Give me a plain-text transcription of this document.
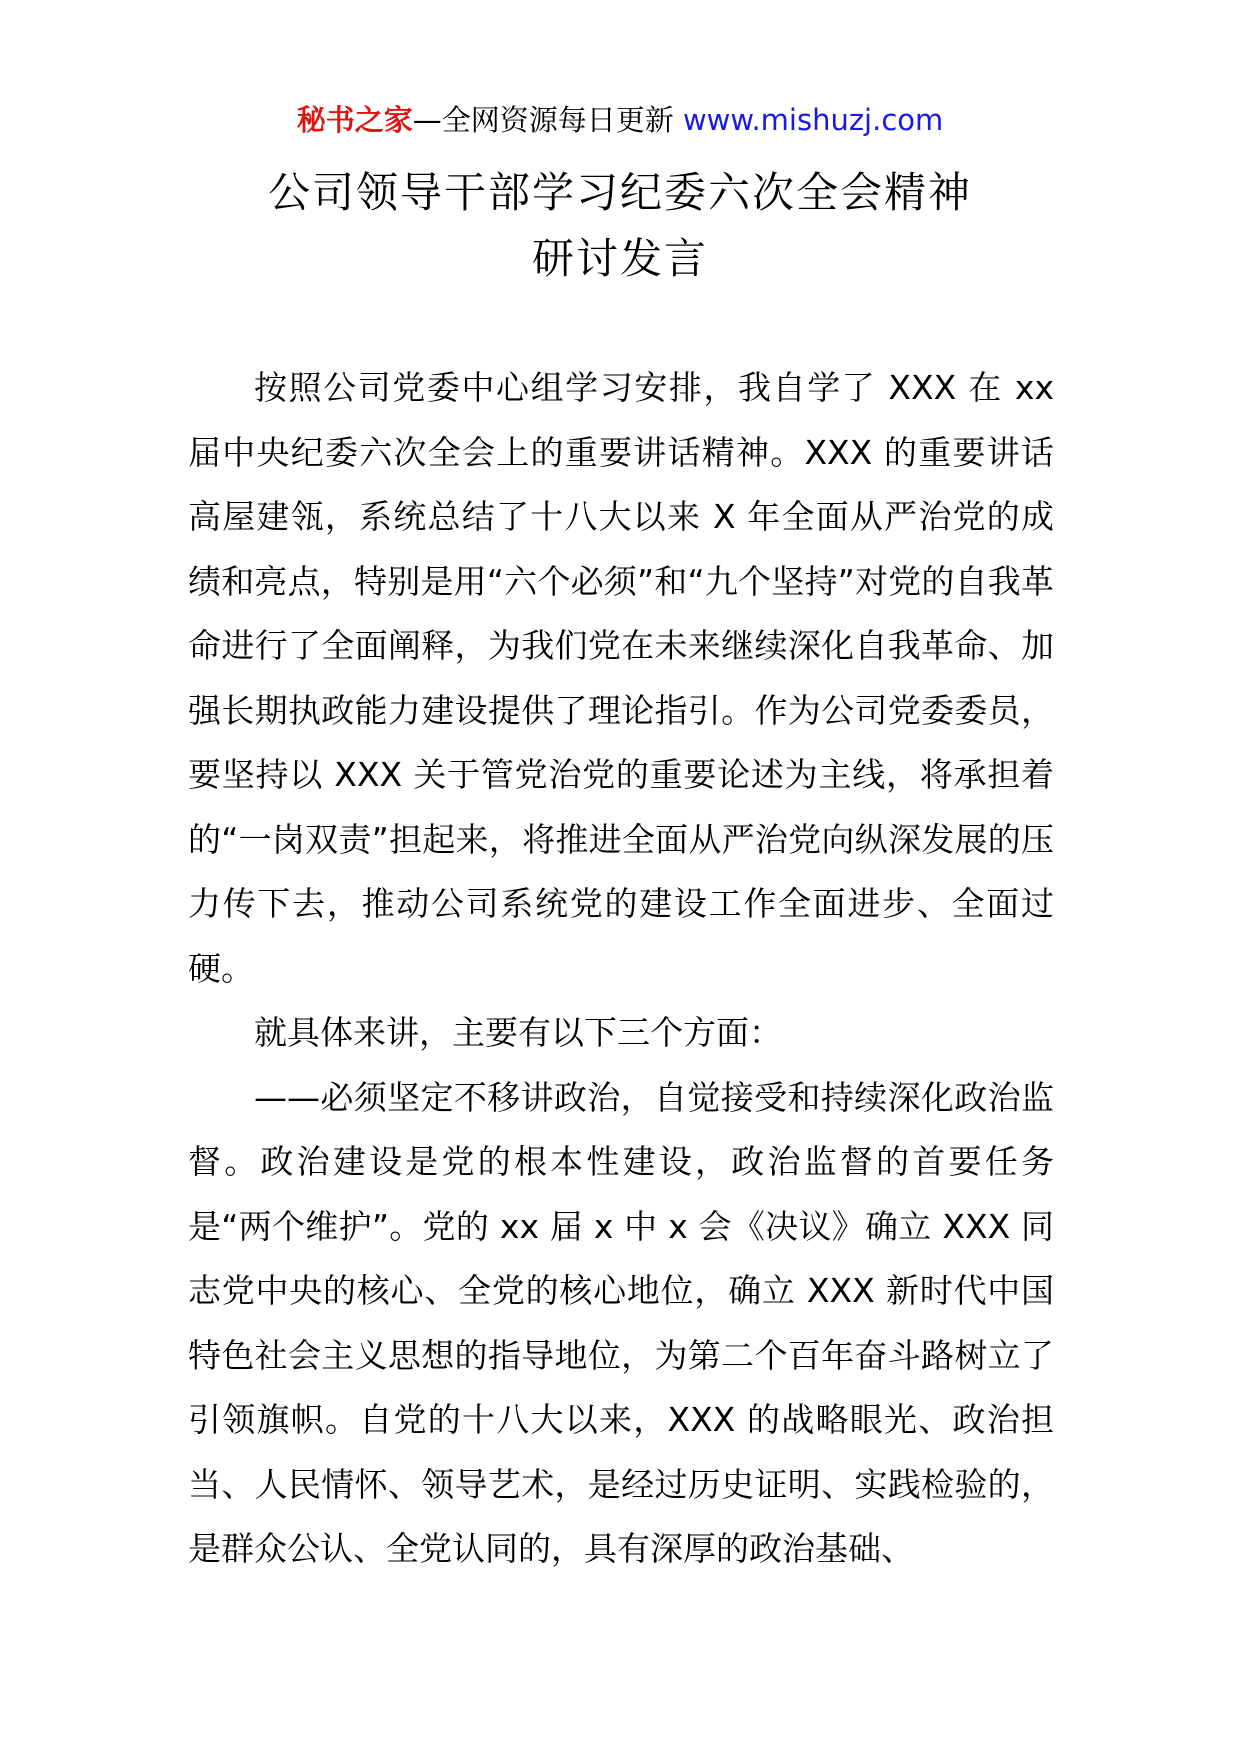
秘书之家—全网资源每日更新 www.mishuzj.com
公司领导干部学习纪委六次全会精神
研讨发言

按照公司党委中心组学习安排，我自学了 XXX 在 xx 届中央纪委六次全会上的重要讲话精神。XXX 的重要讲话高屋建瓴，系统总结了十八大以来 X 年全面从严治党的成绩和亮点，特别是用“六个必须”和“九个坚持”对党的自我革命进行了全面阐释，为我们党在未来继续深化自我革命、加强长期执政能力建设提供了理论指引。作为公司党委委员，要坚持以 XXX 关于管党治党的重要论述为主线，将承担着的“一岗双责”担起来，将推进全面从严治党向纵深发展的压力传下去，推动公司系统党的建设工作全面进步、全面过硬。

就具体来讲，主要有以下三个方面：

——必须坚定不移讲政治，自觉接受和持续深化政治监督。政治建设是党的根本性建设，政治监督的首要任务是“两个维护”。党的 xx 届 x 中 x 会《决议》确立 XXX 同志党中央的核心、全党的核心地位，确立 XXX 新时代中国特色社会主义思想的指导地位，为第二个百年奋斗路树立了引领旗帜。自党的十八大以来，XXX 的战略眼光、政治担当、人民情怀、领导艺术，是经过历史证明、实践检验的，是群众公认、全党认同的，具有深厚的政治基础、
